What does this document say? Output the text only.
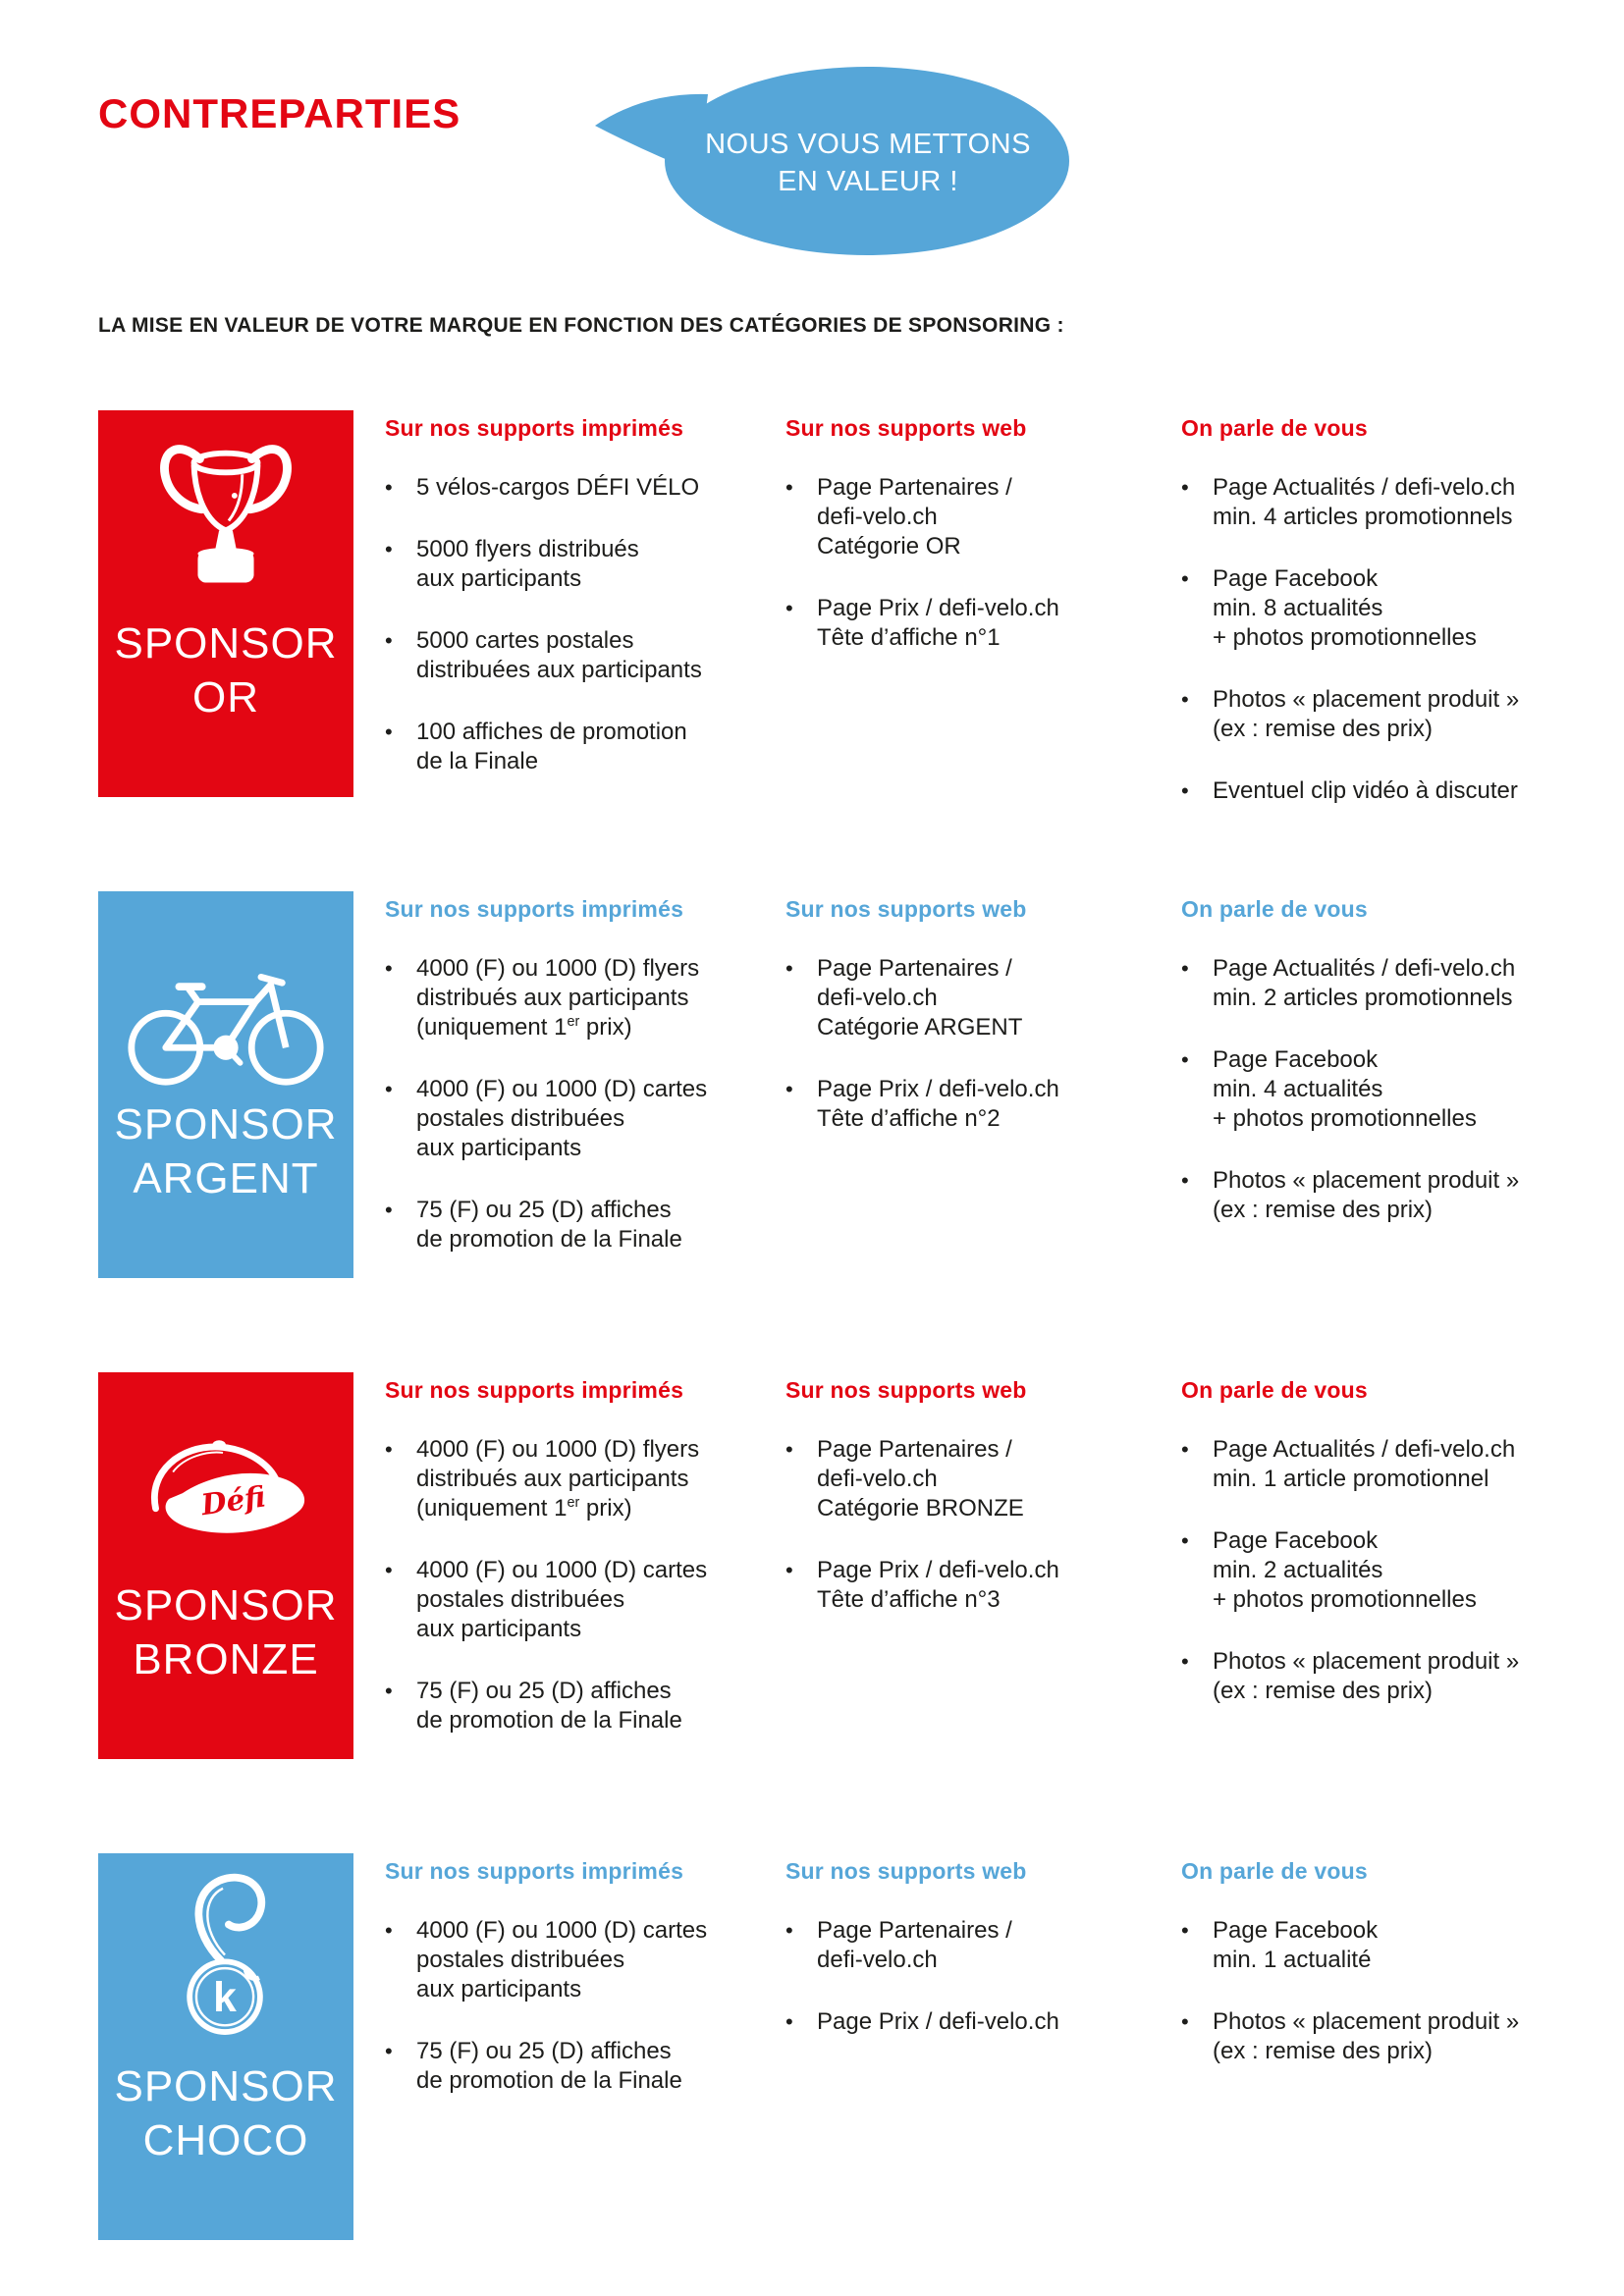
CONTREPARTIES
NOUS VOUS METTONS
EN VALEUR !
LA MISE EN VALEUR DE VOTRE MARQUE EN FONCTION DES CATÉGORIES DE SPONSORING :
SPONSOR
OR
Sur nos supports imprimés
•	5 vélos-cargos DÉFI VÉLO
•	5000 flyers distribués
aux participants
•	5000 cartes postales
distribuées aux participants
•	100 affiches de promotion
de la Finale
Sur nos supports web
•	Page Partenaires /
defi-velo.ch
Catégorie OR
•	Page Prix / defi-velo.ch
Tête d’affiche n°1
On parle de vous
•	Page Actualités / defi-velo.ch
min. 4 articles promotionnels
•	Page Facebook
min. 8 actualités
+ photos promotionnelles
•	Photos « placement produit »
(ex : remise des prix)
•	Eventuel clip vidéo à discuter
SPONSOR
ARGENT
Sur nos supports imprimés
•	4000 (F) ou 1000 (D) flyers
distribués aux participants
(uniquement 1er prix)
•	4000 (F) ou 1000 (D) cartes
postales distribuées
aux participants
•	75 (F) ou 25 (D) affiches
de promotion de la Finale
Sur nos supports web
•	Page Partenaires /
defi-velo.ch
Catégorie ARGENT
•	Page Prix / defi-velo.ch
Tête d’affiche n°2
On parle de vous
•	Page Actualités / defi-velo.ch
min. 2 articles promotionnels
•	Page Facebook
min. 4 actualités
+ photos promotionnelles
•	Photos « placement produit »
(ex : remise des prix)
Défi
SPONSOR
BRONZE
Sur nos supports imprimés
•	4000 (F) ou 1000 (D) flyers
distribués aux participants
(uniquement 1er prix)
•	4000 (F) ou 1000 (D) cartes
postales distribuées
aux participants
•	75 (F) ou 25 (D) affiches
de promotion de la Finale
Sur nos supports web
•	Page Partenaires /
defi-velo.ch
Catégorie BRONZE
•	Page Prix / defi-velo.ch
Tête d’affiche n°3
On parle de vous
•	Page Actualités / defi-velo.ch
min. 1 article promotionnel
•	Page Facebook
min. 2 actualités
+ photos promotionnelles
•	Photos « placement produit »
(ex : remise des prix)
k
SPONSOR
CHOCO
Sur nos supports imprimés
•	4000 (F) ou 1000 (D) cartes
postales distribuées
aux participants
•	75 (F) ou 25 (D) affiches
de promotion de la Finale
Sur nos supports web
•	Page Partenaires /
defi-velo.ch
•	Page Prix / defi-velo.ch
On parle de vous
•	Page Facebook
min. 1 actualité
•	Photos « placement produit »
(ex : remise des prix)
